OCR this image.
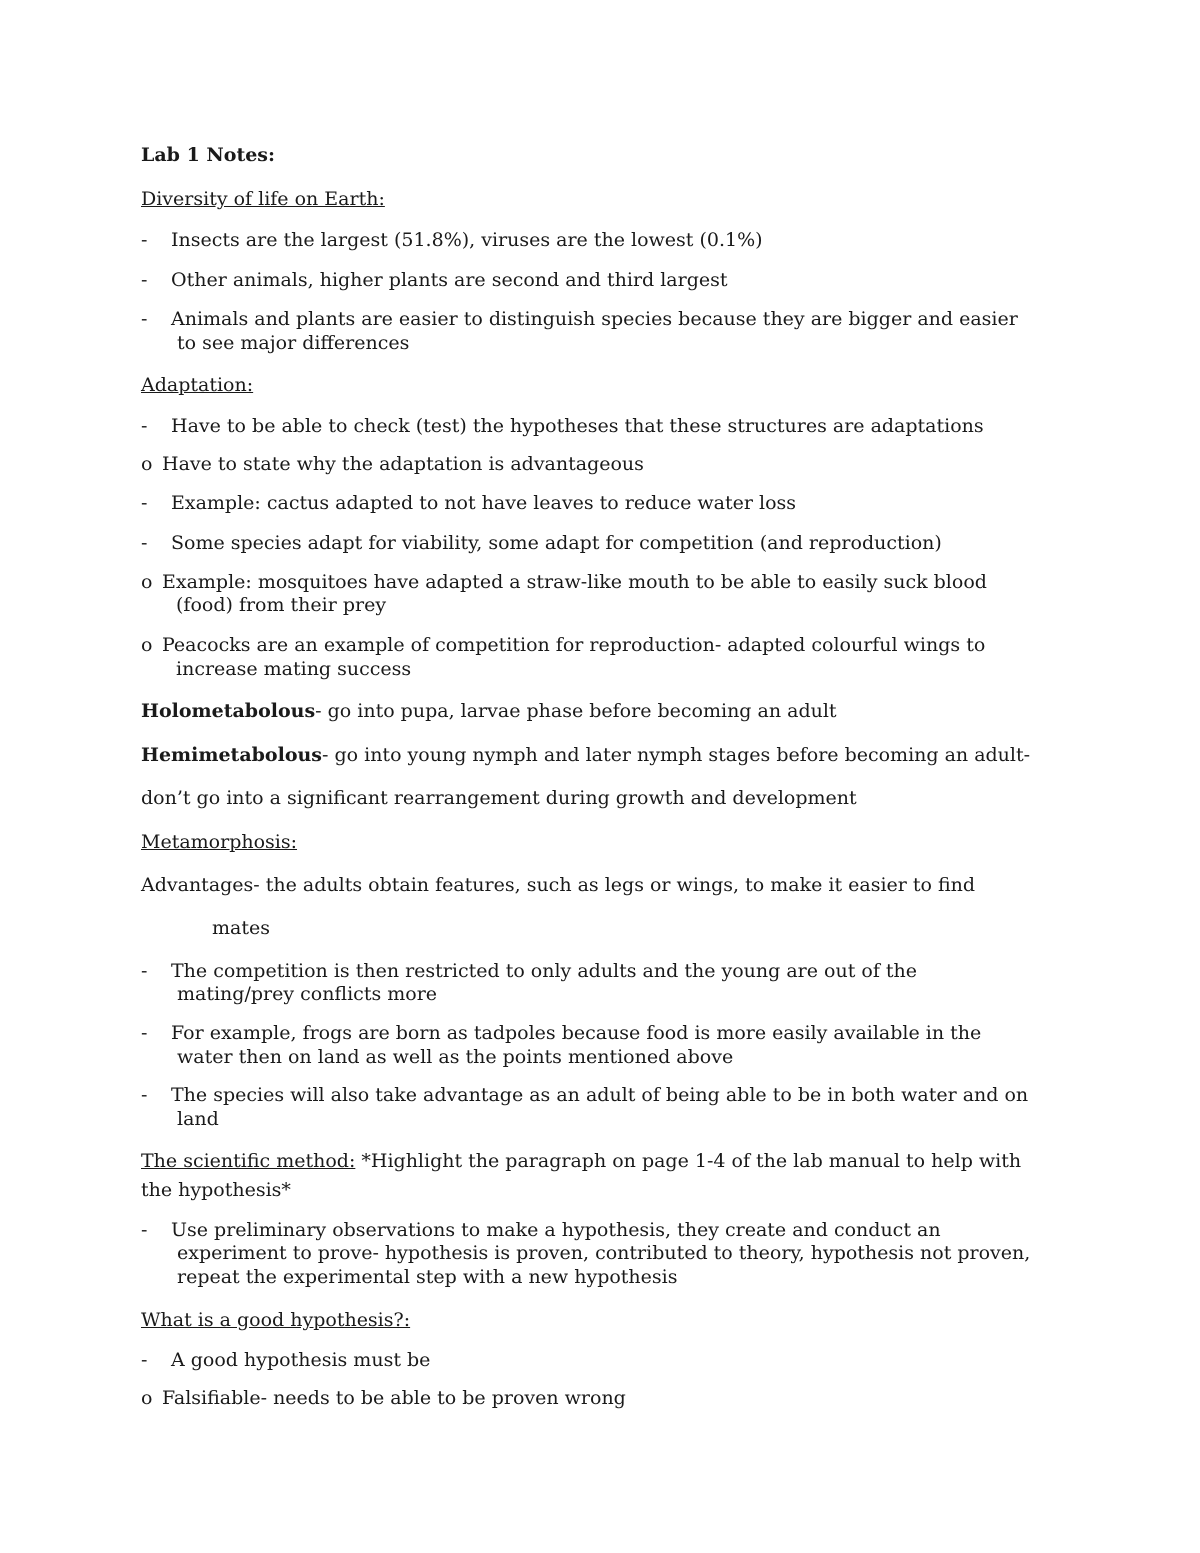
Lab 1 Notes:
Diversity of life on Earth:
-	Insects are the largest (51.8%), viruses are the lowest (0.1%)
-	Other animals, higher plants are second and third largest
-	Animals and plants are easier to distinguish species because they are bigger and easier
to see major differences
Adaptation:
-	Have to be able to check (test) the hypotheses that these structures are adaptations
o Have to state why the adaptation is advantageous
-	Example: cactus adapted to not have leaves to reduce water loss
-	Some species adapt for viability, some adapt for competition (and reproduction)
o Example: mosquitoes have adapted a straw-like mouth to be able to easily suck blood
(food) from their prey
o Peacocks are an example of competition for reproduction- adapted colourful wings to
increase mating success
Holometabolous- go into pupa, larvae phase before becoming an adult
Hemimetabolous- go into young nymph and later nymph stages before becoming an adult-
don’t go into a significant rearrangement during growth and development
Metamorphosis:
Advantages- the adults obtain features, such as legs or wings, to make it easier to find
mates
-	The competition is then restricted to only adults and the young are out of the
mating/prey conflicts more
-	For example, frogs are born as tadpoles because food is more easily available in the
water then on land as well as the points mentioned above
-	The species will also take advantage as an adult of being able to be in both water and on
land
The scientific method: *Highlight the paragraph on page 1-4 of the lab manual to help with
the hypothesis*
-	Use preliminary observations to make a hypothesis, they create and conduct an
experiment to prove- hypothesis is proven, contributed to theory, hypothesis not proven,
repeat the experimental step with a new hypothesis
What is a good hypothesis?:
-	A good hypothesis must be
o Falsifiable- needs to be able to be proven wrong
